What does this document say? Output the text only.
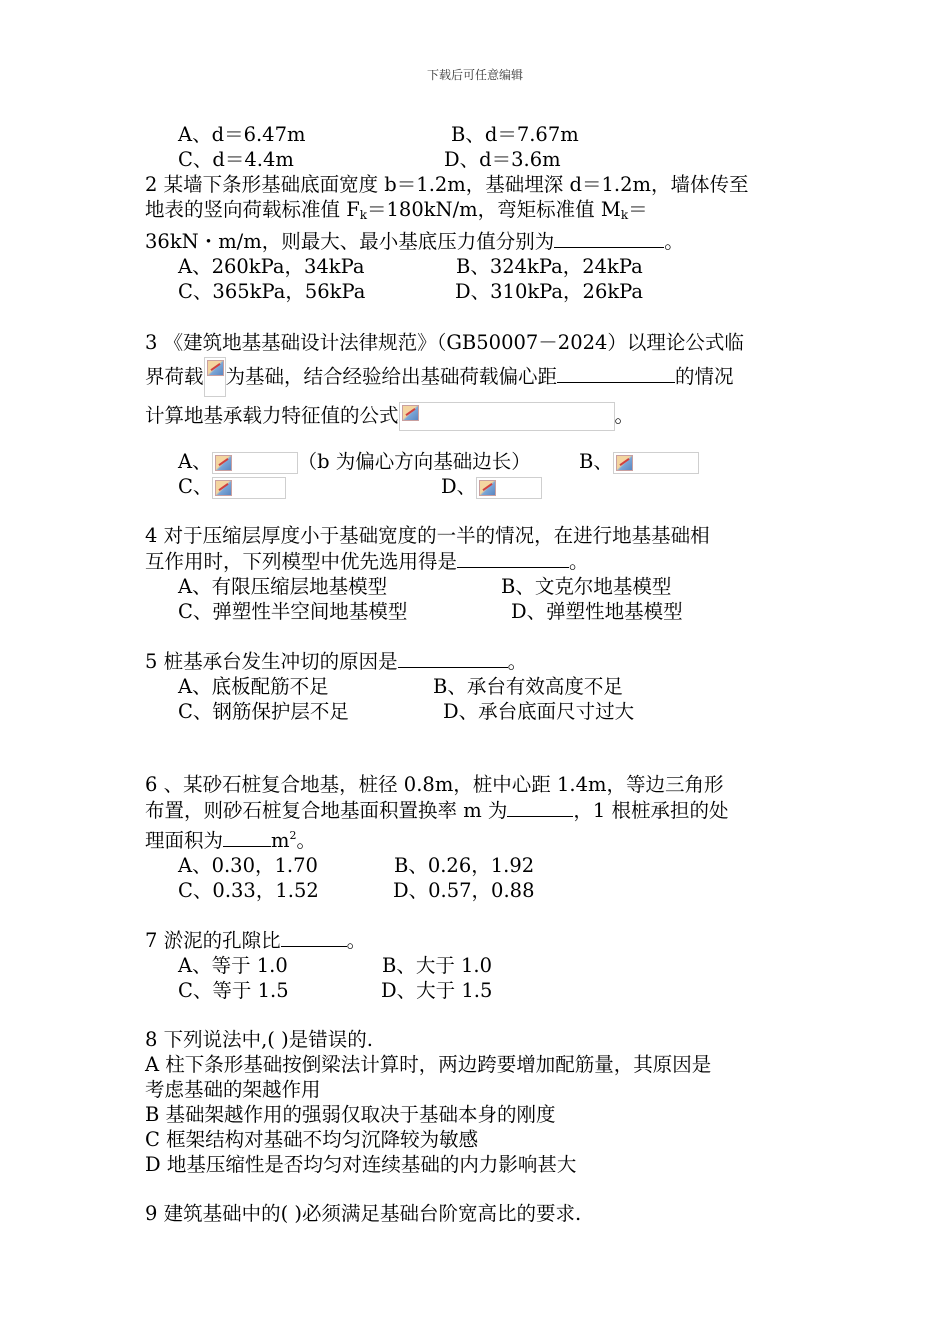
下载后可任意编辑
A、d＝6.47m	B、d＝7.67m
C、d＝4.4m	D、d＝3.6m
2 某墙下条形基础底面宽度 b＝1.2m，基础埋深 d＝1.2m，墙体传至
地表的竖向荷载标准值 $F_k=180kN/m$，弯矩标准值 $M_k=$
36kN・m/m，则最大、最小基底压力值分别为	。
A、260kPa，34kPa	B、324kPa，24kPa
C、365kPa，56kPa	D、310kPa，26kPa
3 《建筑地基基础设计法律规范》（GB50007－2024）以理论公式临
界荷载 为基础，结合经验给出基础荷载偏心距	的情况
计算地基承载力特征值的公式	。
A、	（b 为偏心方向基础边长） B、
C、	D、
4 对于压缩层厚度小于基础宽度的一半的情况，在进行地基基础相
互作用时，下列模型中优先选用得是	。
A、有限压缩层地基模型	B、文克尔地基模型
C、弹塑性半空间地基模型	D、弹塑性地基模型
5 桩基承台发生冲切的原因是	。
A、底板配筋不足	B、承台有效高度不足
C、钢筋保护层不足	D、承台底面尺寸过大
6 、某砂石桩复合地基，桩径 0.8m，桩中心距 1.4m，等边三角形
布置，则砂石桩复合地基面积置换率 m 为	，1 根桩承担的处
理面积为 $m^2$。
A、0.30，1.70	B、0.26，1.92
C、0.33，1.52	D、0.57，0.88
7 淤泥的孔隙比	。
A、等于 1.0	B、大于 1.0
C、等于 1.5	D、大于 1.5
8 下列说法中,( )是错误的.
A 柱下条形基础按倒梁法计算时，两边跨要增加配筋量，其原因是
考虑基础的架越作用
B 基础架越作用的强弱仅取决于基础本身的刚度
C 框架结构对基础不均匀沉降较为敏感
D 地基压缩性是否均匀对连续基础的内力影响甚大
9 建筑基础中的( )必须满足基础台阶宽高比的要求.
